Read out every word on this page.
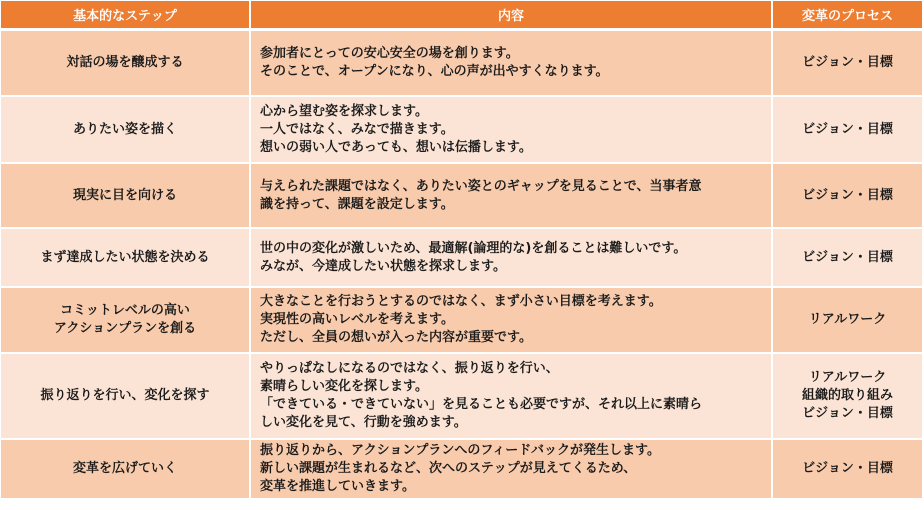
基本的なステップ	内容	変革のプロセス

対話の場を醸成する	参加者にとっての安心安全の場を創ります。
そのことで、オープンになり、心の声が出やすくなります。	ビジョン・目標

ありたい姿を描く	心から望む姿を探求します。
一人ではなく、みなで描きます。
想いの弱い人であっても、想いは伝播します。	ビジョン・目標

現実に目を向ける	与えられた課題ではなく、ありたい姿とのギャップを見ることで、当事者意
識を持って、課題を設定します。	ビジョン・目標

まず達成したい状態を決める	世の中の変化が激しいため、最適解(論理的な)を創ることは難しいです。
みなが、今達成したい状態を探求します。	ビジョン・目標

コミットレベルの高い
アクションプランを創る	大きなことを行おうとするのではなく、まず小さい目標を考えます。
実現性の高いレベルを考えます。
ただし、全員の想いが入った内容が重要です。	リアルワーク

振り返りを行い、変化を探す	やりっぱなしになるのではなく、振り返りを行い、
素晴らしい変化を探します。
「できている・できていない」を見ることも必要ですが、それ以上に素晴ら
しい変化を見て、行動を強めます。	リアルワーク
組織的取り組み
ビジョン・目標

変革を広げていく	振り返りから、アクションプランへのフィードバックが発生します。
新しい課題が生まれるなど、次へのステップが見えてくるため、
変革を推進していきます。	ビジョン・目標
